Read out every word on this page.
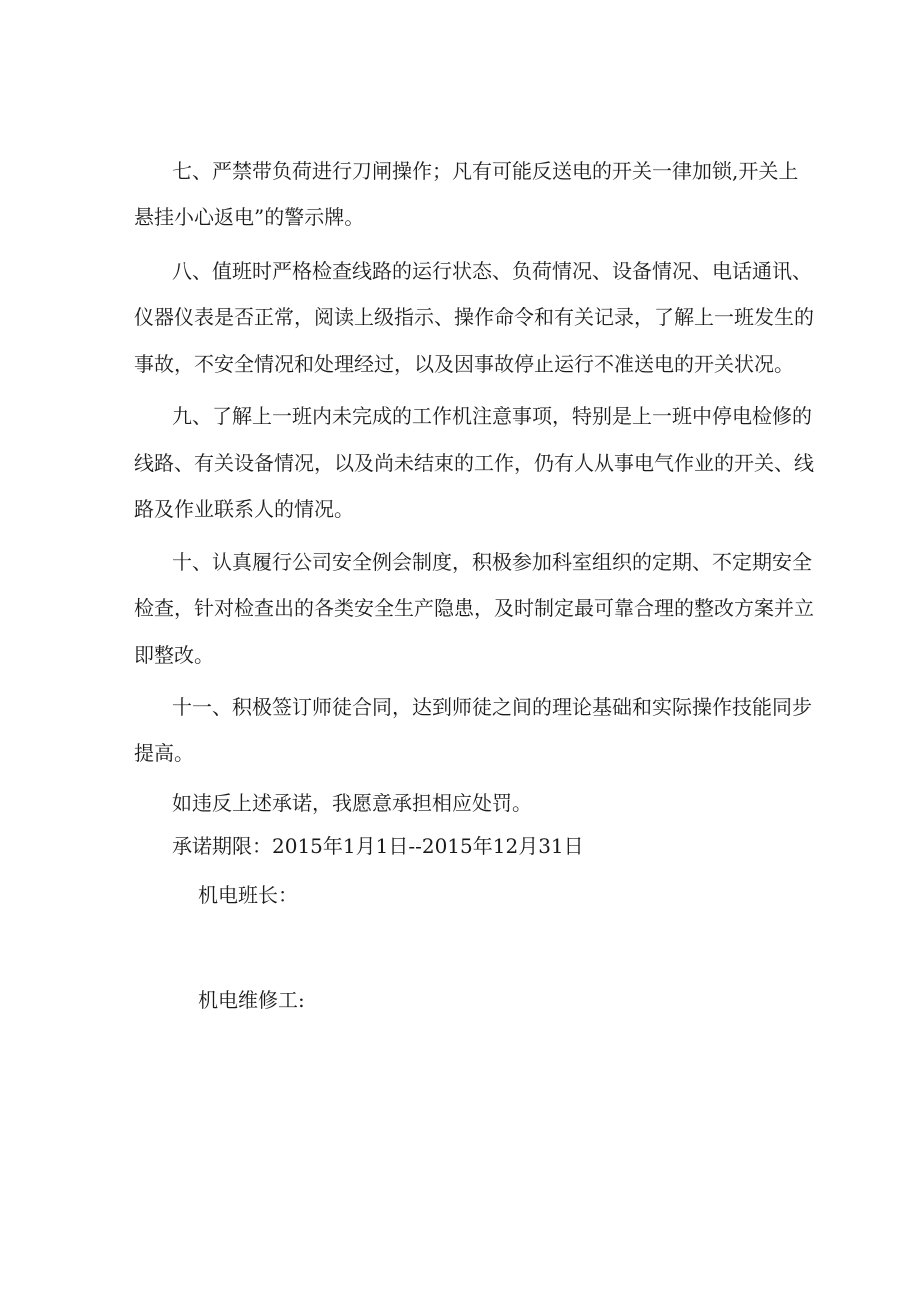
七、严禁带负荷进行刀闸操作；凡有可能反送电的开关一律加锁,开关上
悬挂小心返电”的警示牌。
八、值班时严格检查线路的运行状态、负荷情况、设备情况、电话通讯、
仪器仪表是否正常，阅读上级指示、操作命令和有关记录，了解上一班发生的
事故，不安全情况和处理经过，以及因事故停止运行不准送电的开关状况。
九、了解上一班内未完成的工作机注意事项，特别是上一班中停电检修的
线路、有关设备情况，以及尚未结束的工作，仍有人从事电气作业的开关、线
路及作业联系人的情况。
十、认真履行公司安全例会制度，积极参加科室组织的定期、不定期安全
检查，针对检查出的各类安全生产隐患，及时制定最可靠合理的整改方案并立
即整改。
十一、积极签订师徒合同，达到师徒之间的理论基础和实际操作技能同步
提高。
如违反上述承诺，我愿意承担相应处罚。
承诺期限：2015年1月1日--2015年12月31日
机电班长：
机电维修工:
